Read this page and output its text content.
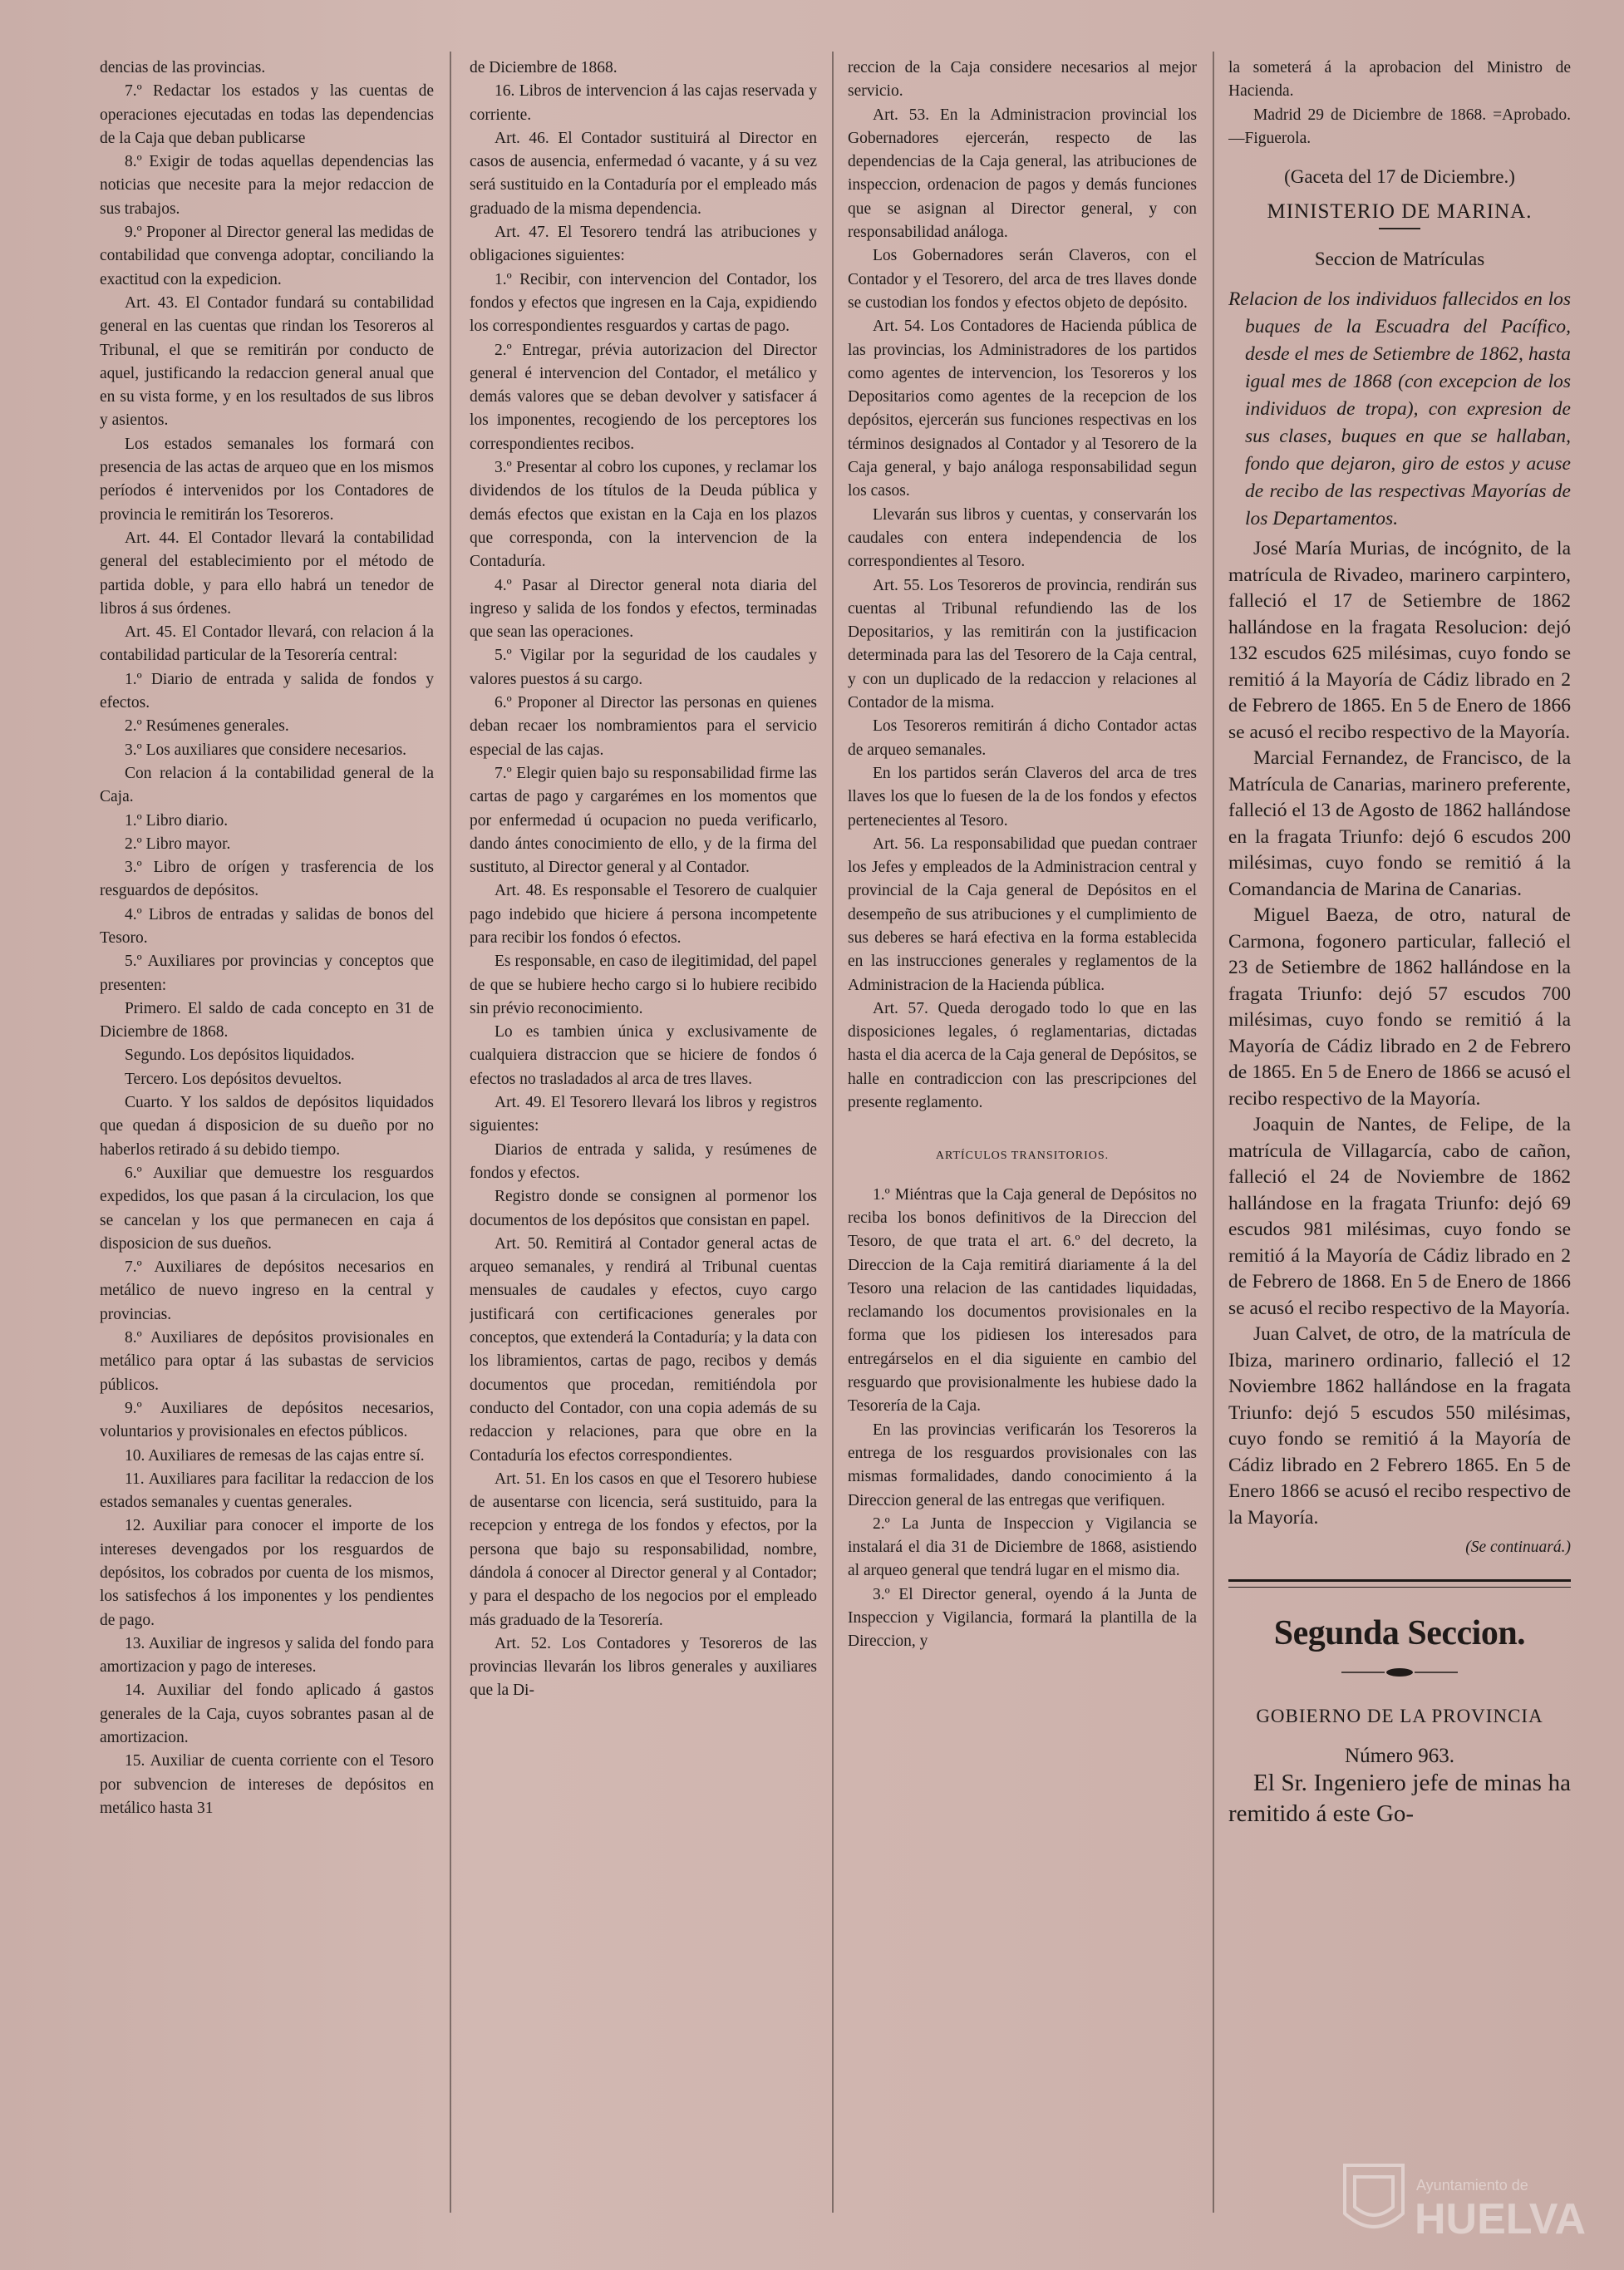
dencias de las provincias.

7.º Redactar los estados y las cuentas de operaciones ejecutadas en todas las dependencias de la Caja que deban publicarse

8.º Exigir de todas aquellas dependencias las noticias que necesite para la mejor redaccion de sus trabajos.

9.º Proponer al Director general las medidas de contabilidad que convenga adoptar, conciliando la exactitud con la expedicion.

Art. 43. El Contador fundará su contabilidad general en las cuentas que rindan los Tesoreros al Tribunal, el que se remitirán por conducto de aquel, justificando la redaccion general anual que en su vista forme, y en los resultados de sus libros y asientos.

Los estados semanales los formará con presencia de las actas de arqueo que en los mismos períodos é intervenidos por los Contadores de provincia le remitirán los Tesoreros.

Art. 44. El Contador llevará la contabilidad general del establecimiento por el método de partida doble, y para ello habrá un tenedor de libros á sus órdenes.

Art. 45. El Contador llevará, con relacion á la contabilidad particular de la Tesorería central:

1.º Diario de entrada y salida de fondos y efectos.

2.º Resúmenes generales.

3.º Los auxiliares que considere necesarios.

Con relacion á la contabilidad general de la Caja.

1.º Libro diario.

2.º Libro mayor.

3.º Libro de orígen y trasferencia de los resguardos de depósitos.

4.º Libros de entradas y salidas de bonos del Tesoro.

5.º Auxiliares por provincias y conceptos que presenten:

Primero. El saldo de cada concepto en 31 de Diciembre de 1868.

Segundo. Los depósitos liquidados.

Tercero. Los depósitos devueltos.

Cuarto. Y los saldos de depósitos liquidados que quedan á disposicion de su dueño por no haberlos retirado á su debido tiempo.

6.º Auxiliar que demuestre los resguardos expedidos, los que pasan á la circulacion, los que se cancelan y los que permanecen en caja á disposicion de sus dueños.

7.º Auxiliares de depósitos necesarios en metálico de nuevo ingreso en la central y provincias.

8.º Auxiliares de depósitos provisionales en metálico para optar á las subastas de servicios públicos.

9.º Auxiliares de depósitos necesarios, voluntarios y provisionales en efectos públicos.

10. Auxiliares de remesas de las cajas entre sí.

11. Auxiliares para facilitar la redaccion de los estados semanales y cuentas generales.

12. Auxiliar para conocer el importe de los intereses devengados por los resguardos de depósitos, los cobrados por cuenta de los mismos, los satisfechos á los imponentes y los pendientes de pago.

13. Auxiliar de ingresos y salida del fondo para amortizacion y pago de intereses.

14. Auxiliar del fondo aplicado á gastos generales de la Caja, cuyos sobrantes pasan al de amortizacion.

15. Auxiliar de cuenta corriente con el Tesoro por subvencion de intereses de depósitos en metálico hasta 31

de Diciembre de 1868.

16. Libros de intervencion á las cajas reservada y corriente.

Art. 46. El Contador sustituirá al Director en casos de ausencia, enfermedad ó vacante, y á su vez será sustituido en la Contaduría por el empleado más graduado de la misma dependencia.

Art. 47. El Tesorero tendrá las atribuciones y obligaciones siguientes:

1.º Recibir, con intervencion del Contador, los fondos y efectos que ingresen en la Caja, expidiendo los correspondientes resguardos y cartas de pago.

2.º Entregar, prévia autorizacion del Director general é intervencion del Contador, el metálico y demás valores que se deban devolver y satisfacer á los imponentes, recogiendo de los perceptores los correspondientes recibos.

3.º Presentar al cobro los cupones, y reclamar los dividendos de los títulos de la Deuda pública y demás efectos que existan en la Caja en los plazos que corresponda, con la intervencion de la Contaduría.

4.º Pasar al Director general nota diaria del ingreso y salida de los fondos y efectos, terminadas que sean las operaciones.

5.º Vigilar por la seguridad de los caudales y valores puestos á su cargo.

6.º Proponer al Director las personas en quienes deban recaer los nombramientos para el servicio especial de las cajas.

7.º Elegir quien bajo su responsabilidad firme las cartas de pago y cargarémes en los momentos que por enfermedad ú ocupacion no pueda verificarlo, dando ántes conocimiento de ello, y de la firma del sustituto, al Director general y al Contador.

Art. 48. Es responsable el Tesorero de cualquier pago indebido que hiciere á persona incompetente para recibir los fondos ó efectos.

Es responsable, en caso de ilegitimidad, del papel de que se hubiere hecho cargo si lo hubiere recibido sin prévio reconocimiento.

Lo es tambien única y exclusivamente de cualquiera distraccion que se hiciere de fondos ó efectos no trasladados al arca de tres llaves.

Art. 49. El Tesorero llevará los libros y registros siguientes:

Diarios de entrada y salida, y resúmenes de fondos y efectos.

Registro donde se consignen al pormenor los documentos de los depósitos que consistan en papel.

Art. 50. Remitirá al Contador general actas de arqueo semanales, y rendirá al Tribunal cuentas mensuales de caudales y efectos, cuyo cargo justificará con certificaciones generales por conceptos, que extenderá la Contaduría; y la data con los libramientos, cartas de pago, recibos y demás documentos que procedan, remitiéndola por conducto del Contador, con una copia además de su redaccion y relaciones, para que obre en la Contaduría los efectos correspondientes.

Art. 51. En los casos en que el Tesorero hubiese de ausentarse con licencia, será sustituido, para la recepcion y entrega de los fondos y efectos, por la persona que bajo su responsabilidad, nombre, dándola á conocer al Director general y al Contador; y para el despacho de los negocios por el empleado más graduado de la Tesorería.

Art. 52. Los Contadores y Tesoreros de las provincias llevarán los libros generales y auxiliares que la Di-

reccion de la Caja considere necesarios al mejor servicio.

Art. 53. En la Administracion provincial los Gobernadores ejercerán, respecto de las dependencias de la Caja general, las atribuciones de inspeccion, ordenacion de pagos y demás funciones que se asignan al Director general, y con responsabilidad análoga.

Los Gobernadores serán Claveros, con el Contador y el Tesorero, del arca de tres llaves donde se custodian los fondos y efectos objeto de depósito.

Art. 54. Los Contadores de Hacienda pública de las provincias, los Administradores de los partidos como agentes de intervencion, los Tesoreros y los Depositarios como agentes de la recepcion de los depósitos, ejercerán sus funciones respectivas en los términos designados al Contador y al Tesorero de la Caja general, y bajo análoga responsabilidad segun los casos.

Llevarán sus libros y cuentas, y conservarán los caudales con entera independencia de los correspondientes al Tesoro.

Art. 55. Los Tesoreros de provincia, rendirán sus cuentas al Tribunal refundiendo las de los Depositarios, y las remitirán con la justificacion determinada para las del Tesorero de la Caja central, y con un duplicado de la redaccion y relaciones al Contador de la misma.

Los Tesoreros remitirán á dicho Contador actas de arqueo semanales.

En los partidos serán Claveros del arca de tres llaves los que lo fuesen de la de los fondos y efectos pertenecientes al Tesoro.

Art. 56. La responsabilidad que puedan contraer los Jefes y empleados de la Administracion central y provincial de la Caja general de Depósitos en el desempeño de sus atribuciones y el cumplimiento de sus deberes se hará efectiva en la forma establecida en las instrucciones generales y reglamentos de la Administracion de la Hacienda pública.

Art. 57. Queda derogado todo lo que en las disposiciones legales, ó reglamentarias, dictadas hasta el dia acerca de la Caja general de Depósitos, se halle en contradiccion con las prescripciones del presente reglamento.

ARTÍCULOS TRANSITORIOS.

1.º Miéntras que la Caja general de Depósitos no reciba los bonos definitivos de la Direccion del Tesoro, de que trata el art. 6.º del decreto, la Direccion de la Caja remitirá diariamente á la del Tesoro una relacion de las cantidades liquidadas, reclamando los documentos provisionales en la forma que los pidiesen los interesados para entregárselos en el dia siguiente en cambio del resguardo que provisionalmente les hubiese dado la Tesorería de la Caja.

En las provincias verificarán los Tesoreros la entrega de los resguardos provisionales con las mismas formalidades, dando conocimiento á la Direccion general de las entregas que verifiquen.

2.º La Junta de Inspeccion y Vigilancia se instalará el dia 31 de Diciembre de 1868, asistiendo al arqueo general que tendrá lugar en el mismo dia.

3.º El Director general, oyendo á la Junta de Inspeccion y Vigilancia, formará la plantilla de la Direccion, y

la someterá á la aprobacion del Ministro de Hacienda.

Madrid 29 de Diciembre de 1868. =Aprobado.—Figuerola.

(Gaceta del 17 de Diciembre.)

MINISTERIO DE MARINA.

Seccion de Matrículas

Relacion de los individuos fallecidos en los buques de la Escuadra del Pacífico, desde el mes de Setiembre de 1862, hasta igual mes de 1868 (con excepcion de los individuos de tropa), con expresion de sus clases, buques en que se hallaban, fondo que dejaron, giro de estos y acuse de recibo de las respectivas Mayorías de los Departamentos.

José María Murias, de incógnito, de la matrícula de Rivadeo, marinero carpintero, falleció el 17 de Setiembre de 1862 hallándose en la fragata Resolucion: dejó 132 escudos 625 milésimas, cuyo fondo se remitió á la Mayoría de Cádiz librado en 2 de Febrero de 1865. En 5 de Enero de 1866 se acusó el recibo respectivo de la Mayoría.

Marcial Fernandez, de Francisco, de la Matrícula de Canarias, marinero preferente, falleció el 13 de Agosto de 1862 hallándose en la fragata Triunfo: dejó 6 escudos 200 milésimas, cuyo fondo se remitió á la Comandancia de Marina de Canarias.

Miguel Baeza, de otro, natural de Carmona, fogonero particular, falleció el 23 de Setiembre de 1862 hallándose en la fragata Triunfo: dejó 57 escudos 700 milésimas, cuyo fondo se remitió á la Mayoría de Cádiz librado en 2 de Febrero de 1865. En 5 de Enero de 1866 se acusó el recibo respectivo de la Mayoría.

Joaquin de Nantes, de Felipe, de la matrícula de Villagarcía, cabo de cañon, falleció el 24 de Noviembre de 1862 hallándose en la fragata Triunfo: dejó 69 escudos 981 milésimas, cuyo fondo se remitió á la Mayoría de Cádiz librado en 2 de Febrero de 1868. En 5 de Enero de 1866 se acusó el recibo respectivo de la Mayoría.

Juan Calvet, de otro, de la matrícula de Ibiza, marinero ordinario, falleció el 12 Noviembre 1862 hallándose en la fragata Triunfo: dejó 5 escudos 550 milésimas, cuyo fondo se remitió á la Mayoría de Cádiz librado en 2 Febrero 1865. En 5 de Enero 1866 se acusó el recibo respectivo de la Mayoría.

(Se continuará.)

Segunda Seccion.

GOBIERNO DE LA PROVINCIA

Número 963.

El Sr. Ingeniero jefe de minas ha remitido á este Go-

Ayuntamiento de
HUELVA
